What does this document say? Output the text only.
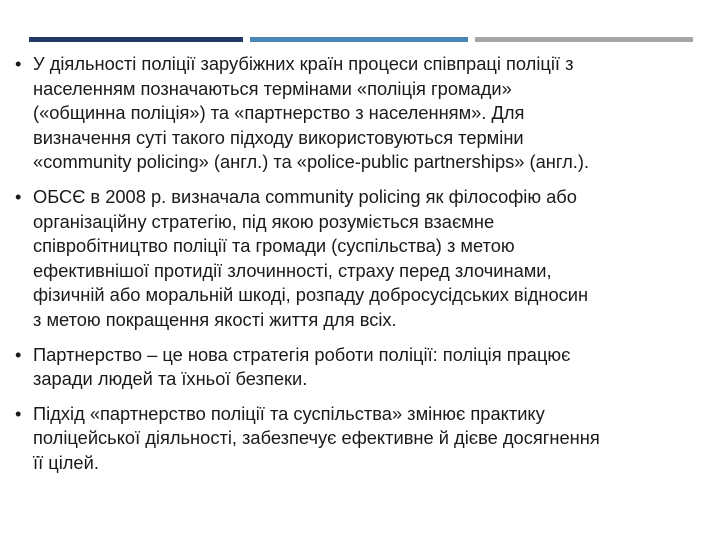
• У діяльності поліції зарубіжних країн процеси співпраці поліції з
населенням позначаються термінами «поліція громади»
(«общинна поліція») та «партнерство з населенням». Для
визначення суті такого підходу використовуються терміни
«community policing» (англ.) та «police-public partnerships» (англ.).
• ОБСЄ в 2008 р. визначала community policing як філософію або
організаційну стратегію, під якою розуміється взаємне
співробітництво поліції та громади (суспільства) з метою
ефективнішої протидії злочинності, страху перед злочинами,
фізичній або моральній шкоді, розпаду добросусідських відносин
з метою покращення якості життя для всіх.
• Партнерство – це нова стратегія роботи поліції: поліція працює
заради людей та їхньої безпеки.
• Підхід «партнерство поліції та суспільства» змінює практику
поліцейської діяльності, забезпечує ефективне й дієве досягнення
її цілей.
